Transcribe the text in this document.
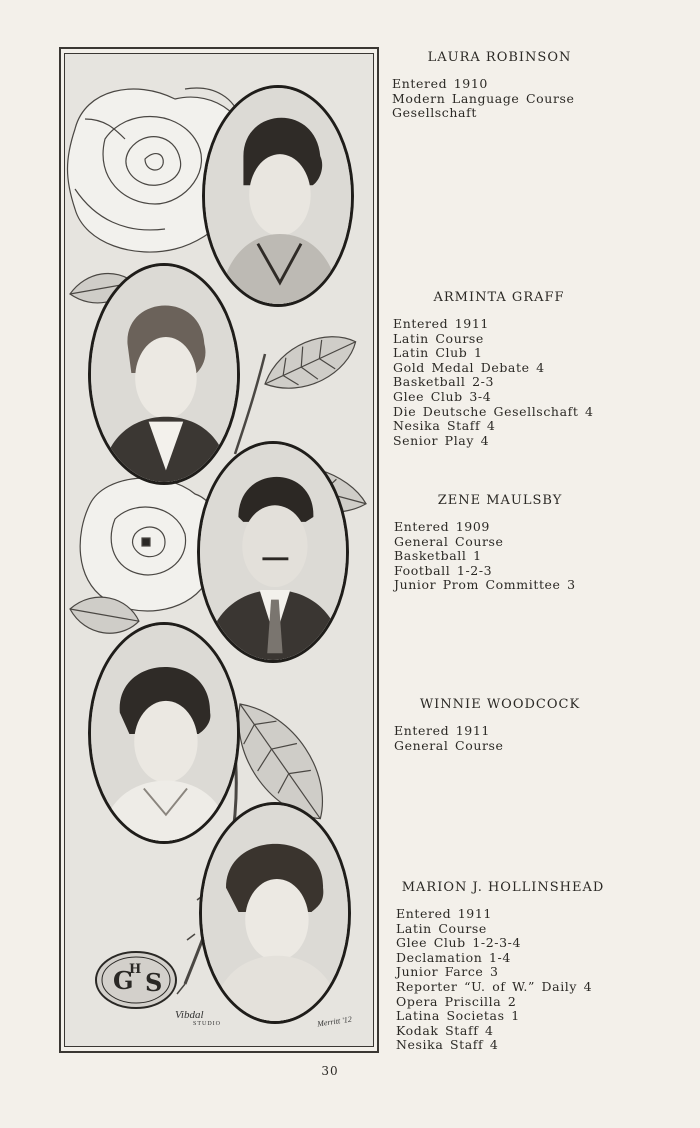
G
H S
Vibdal
STUDIO	Merritt '12
LAURA ROBINSON
Entered 1910
Modern Language Course
Gesellschaft
ARMINTA GRAFF
Entered 1911
Latin Course
Latin Club 1
Gold Medal Debate 4
Basketball 2-3
Glee Club 3-4
Die Deutsche Gesellschaft 4
Nesika Staff 4
Senior Play 4
ZENE MAULSBY
Entered 1909
General Course
Basketball 1
Football 1-2-3
Junior Prom Committee 3
WINNIE WOODCOCK
Entered 1911
General Course
MARION J. HOLLINSHEAD
Entered 1911
Latin Course
Glee Club 1-2-3-4
Declamation 1-4
Junior Farce 3
Reporter “U. of W.” Daily 4
Opera Priscilla 2
Latina Societas 1
Kodak Staff 4
Nesika Staff 4
30
